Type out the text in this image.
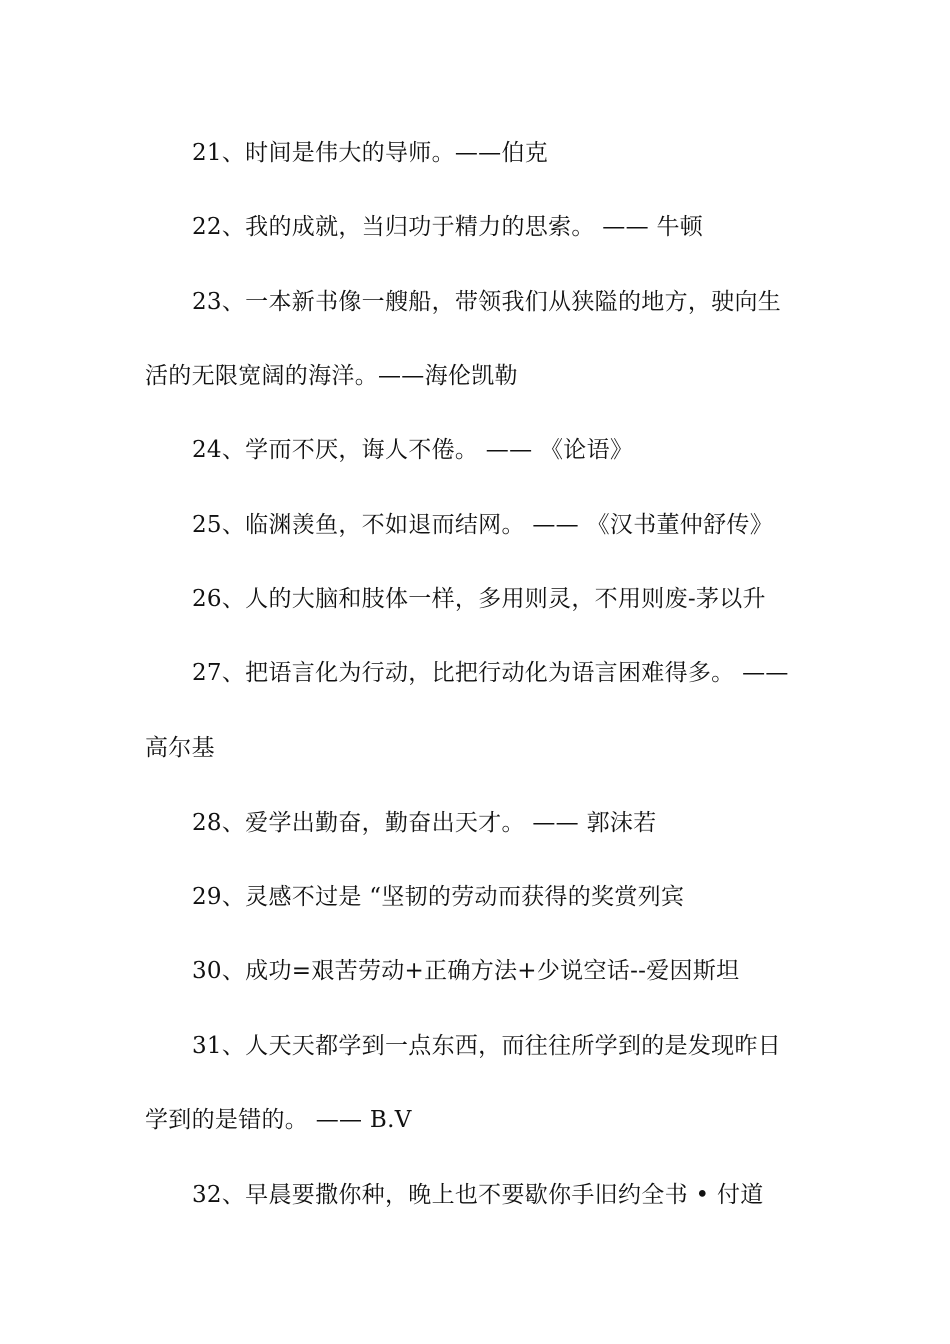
21、时间是伟大的导师。——伯克
22、我的成就，当归功于精力的思索。 —— 牛顿
23、一本新书像一艘船，带领我们从狭隘的地方，驶向生
活的无限宽阔的海洋。——海伦凯勒
24、学而不厌，诲人不倦。 —— 《论语》
25、临渊羡鱼，不如退而结网。 —— 《汉书董仲舒传》
26、人的大脑和肢体一样，多用则灵，不用则废-茅以升
27、把语言化为行动，比把行动化为语言困难得多。 ——
高尔基
28、爱学出勤奋，勤奋出天才。 —— 郭沫若
29、灵感不过是 “坚韧的劳动而获得的奖赏列宾
30、成功=艰苦劳动+正确方法+少说空话--爱因斯坦
31、人天天都学到一点东西，而往往所学到的是发现昨日
学到的是错的。 —— B.V
32、早晨要撒你种，晚上也不要歇你手旧约全书 • 付道
